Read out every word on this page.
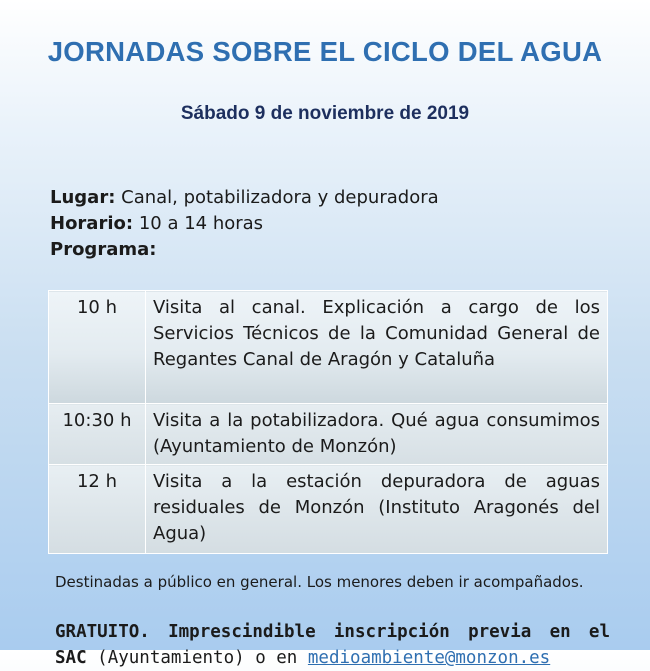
JORNADAS SOBRE EL CICLO DEL AGUA
Sábado 9 de noviembre de 2019
Lugar: Canal, potabilizadora y depuradora
Horario: 10 a 14 horas
Programa:
10 h	Visita al canal. Explicación a cargo de los Servicios Técnicos de la Comunidad General de Regantes Canal de Aragón y Cataluña
10:30 h	Visita a la potabilizadora. Qué agua consumimos (Ayuntamiento de Monzón)
12 h	Visita a la estación depuradora de aguas residuales de Monzón (Instituto Aragonés del Agua)
Destinadas a público en general. Los menores deben ir acompañados.
GRATUITO. Imprescindible inscripción previa en el SAC (Ayuntamiento) o en medioambiente@monzon.es
